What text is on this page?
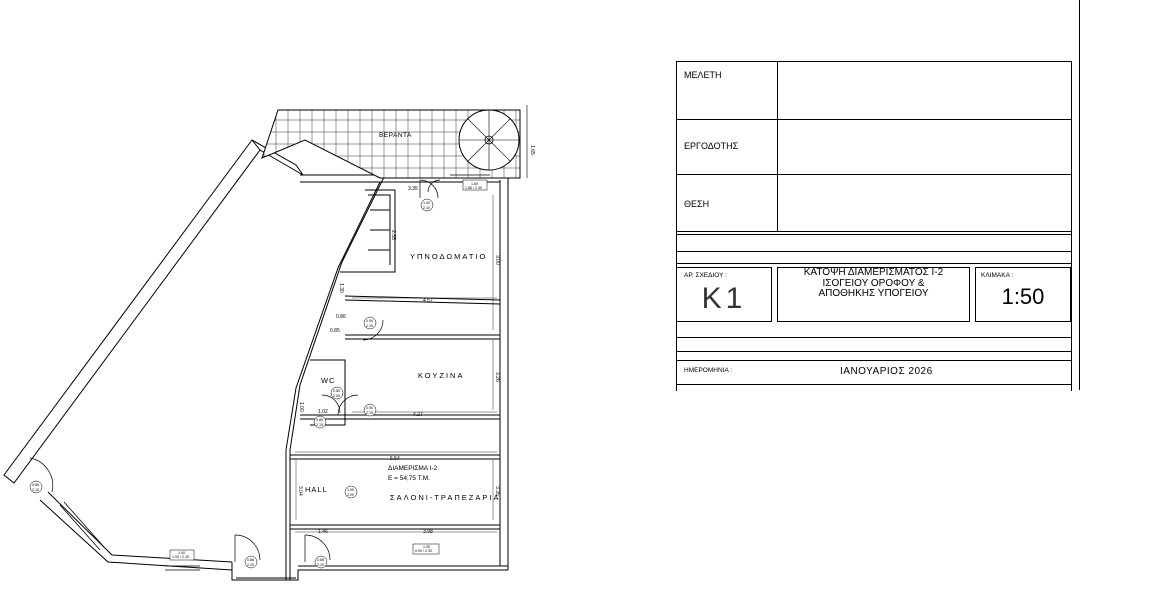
ΒΕΡΑΝΤΑ
ΥΠΝΟΔΩΜΑΤΙΟ
ΚΟΥΖΙΝΑ
WC
HALL
ΣΑΛΟΝΙ-ΤΡΑΠΕΖΑΡΙΑ
ΔΙΑΜΕΡΙΣΜΑ Ι-2
Ε = 54,75 Τ.Μ.
3.35
1.65
4.57
4.27
5.54
1.46	3.98
1.02
3.00
3.26
3.35
3.04
2.35
1.30
0.86
0.85
1.00
1.40
2.10
1.60
1.86 / 2.30
0.90
2.15
0.85
2.05
0.90
2.15
0.85
2.15
0.86
2.15	1.00
2.20
1.00
1.00 / 2.30
0.86
2.20
0.86
2.20
1.90
0.90 / 2.30
ΜΕΛΕΤΗ
ΕΡΓΟΔΟΤΗΣ
ΘΕΣΗ
ΑΡ. ΣΧΕΔΙΟΥ :
K1
ΚΑΤΟΨΗ ΔΙΑΜΕΡΙΣΜΑΤΟΣ Ι-2 ΙΣΟΓΕΙΟΥ ΟΡΟΦΟΥ & ΑΠΟΘΗΚΗΣ ΥΠΟΓΕΙΟΥ
ΚΛΙΜΑΚΑ :
1:50
ΗΜΕΡΟΜΗΝΙΑ :	ΙΑΝΟΥΑΡΙΟΣ 2026
